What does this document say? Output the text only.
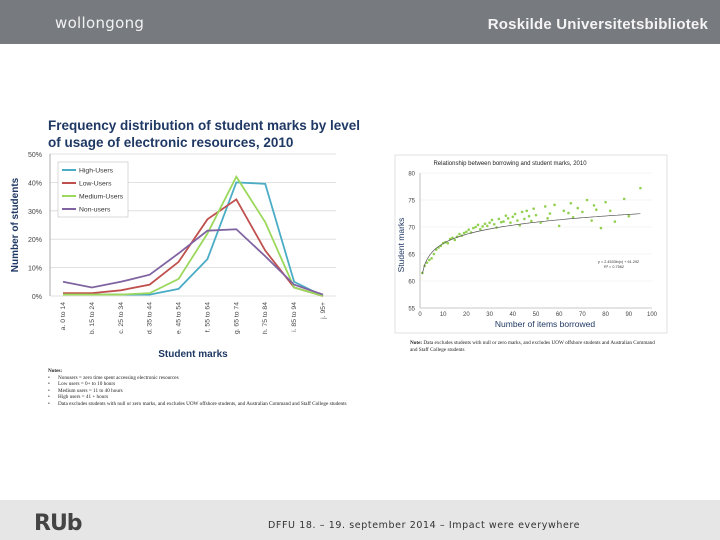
wollongong	Roskilde Universitetsbibliotek
Frequency distribution of student marks by level
of usage of electronic resources, 2010
0%
10%
20%
30%
40%
50%
a. 0 to 14	b. 15 to 24	c. 25 to 34	d. 35 to 44	e. 45 to 54	f. 55 to 64	g. 65 to 74	h. 75 to 84	i. 85 to 94	j. 95+
Student marks
Number of students
High-Users
Low-Users
Medium-Users
Non-users
Relationship between borrowing and student marks, 2010
55
60
65
70
75
80
0	10	20	30	40	50	60	70	80	90 100
Number of items borrowed
Student marks	y = 2.4533ln(x) + 61.292
R² = 0.7562
Notes:
• Nonusers = zero time spent accessing electronic resources
• Low users = 0+ to 10 hours
• Medium users = 11 to 40 hours
• High users = 41 + hours
• Data excludes students with null or zero marks, and excludes UOW offshore students, and Australian Command and Staff College students
Note: Data excludes students with null or zero marks, and excludes UOW offshore students and Australian Command and Staff College students
RUb	DFFU 18. – 19. september 2014 – Impact were everywhere
